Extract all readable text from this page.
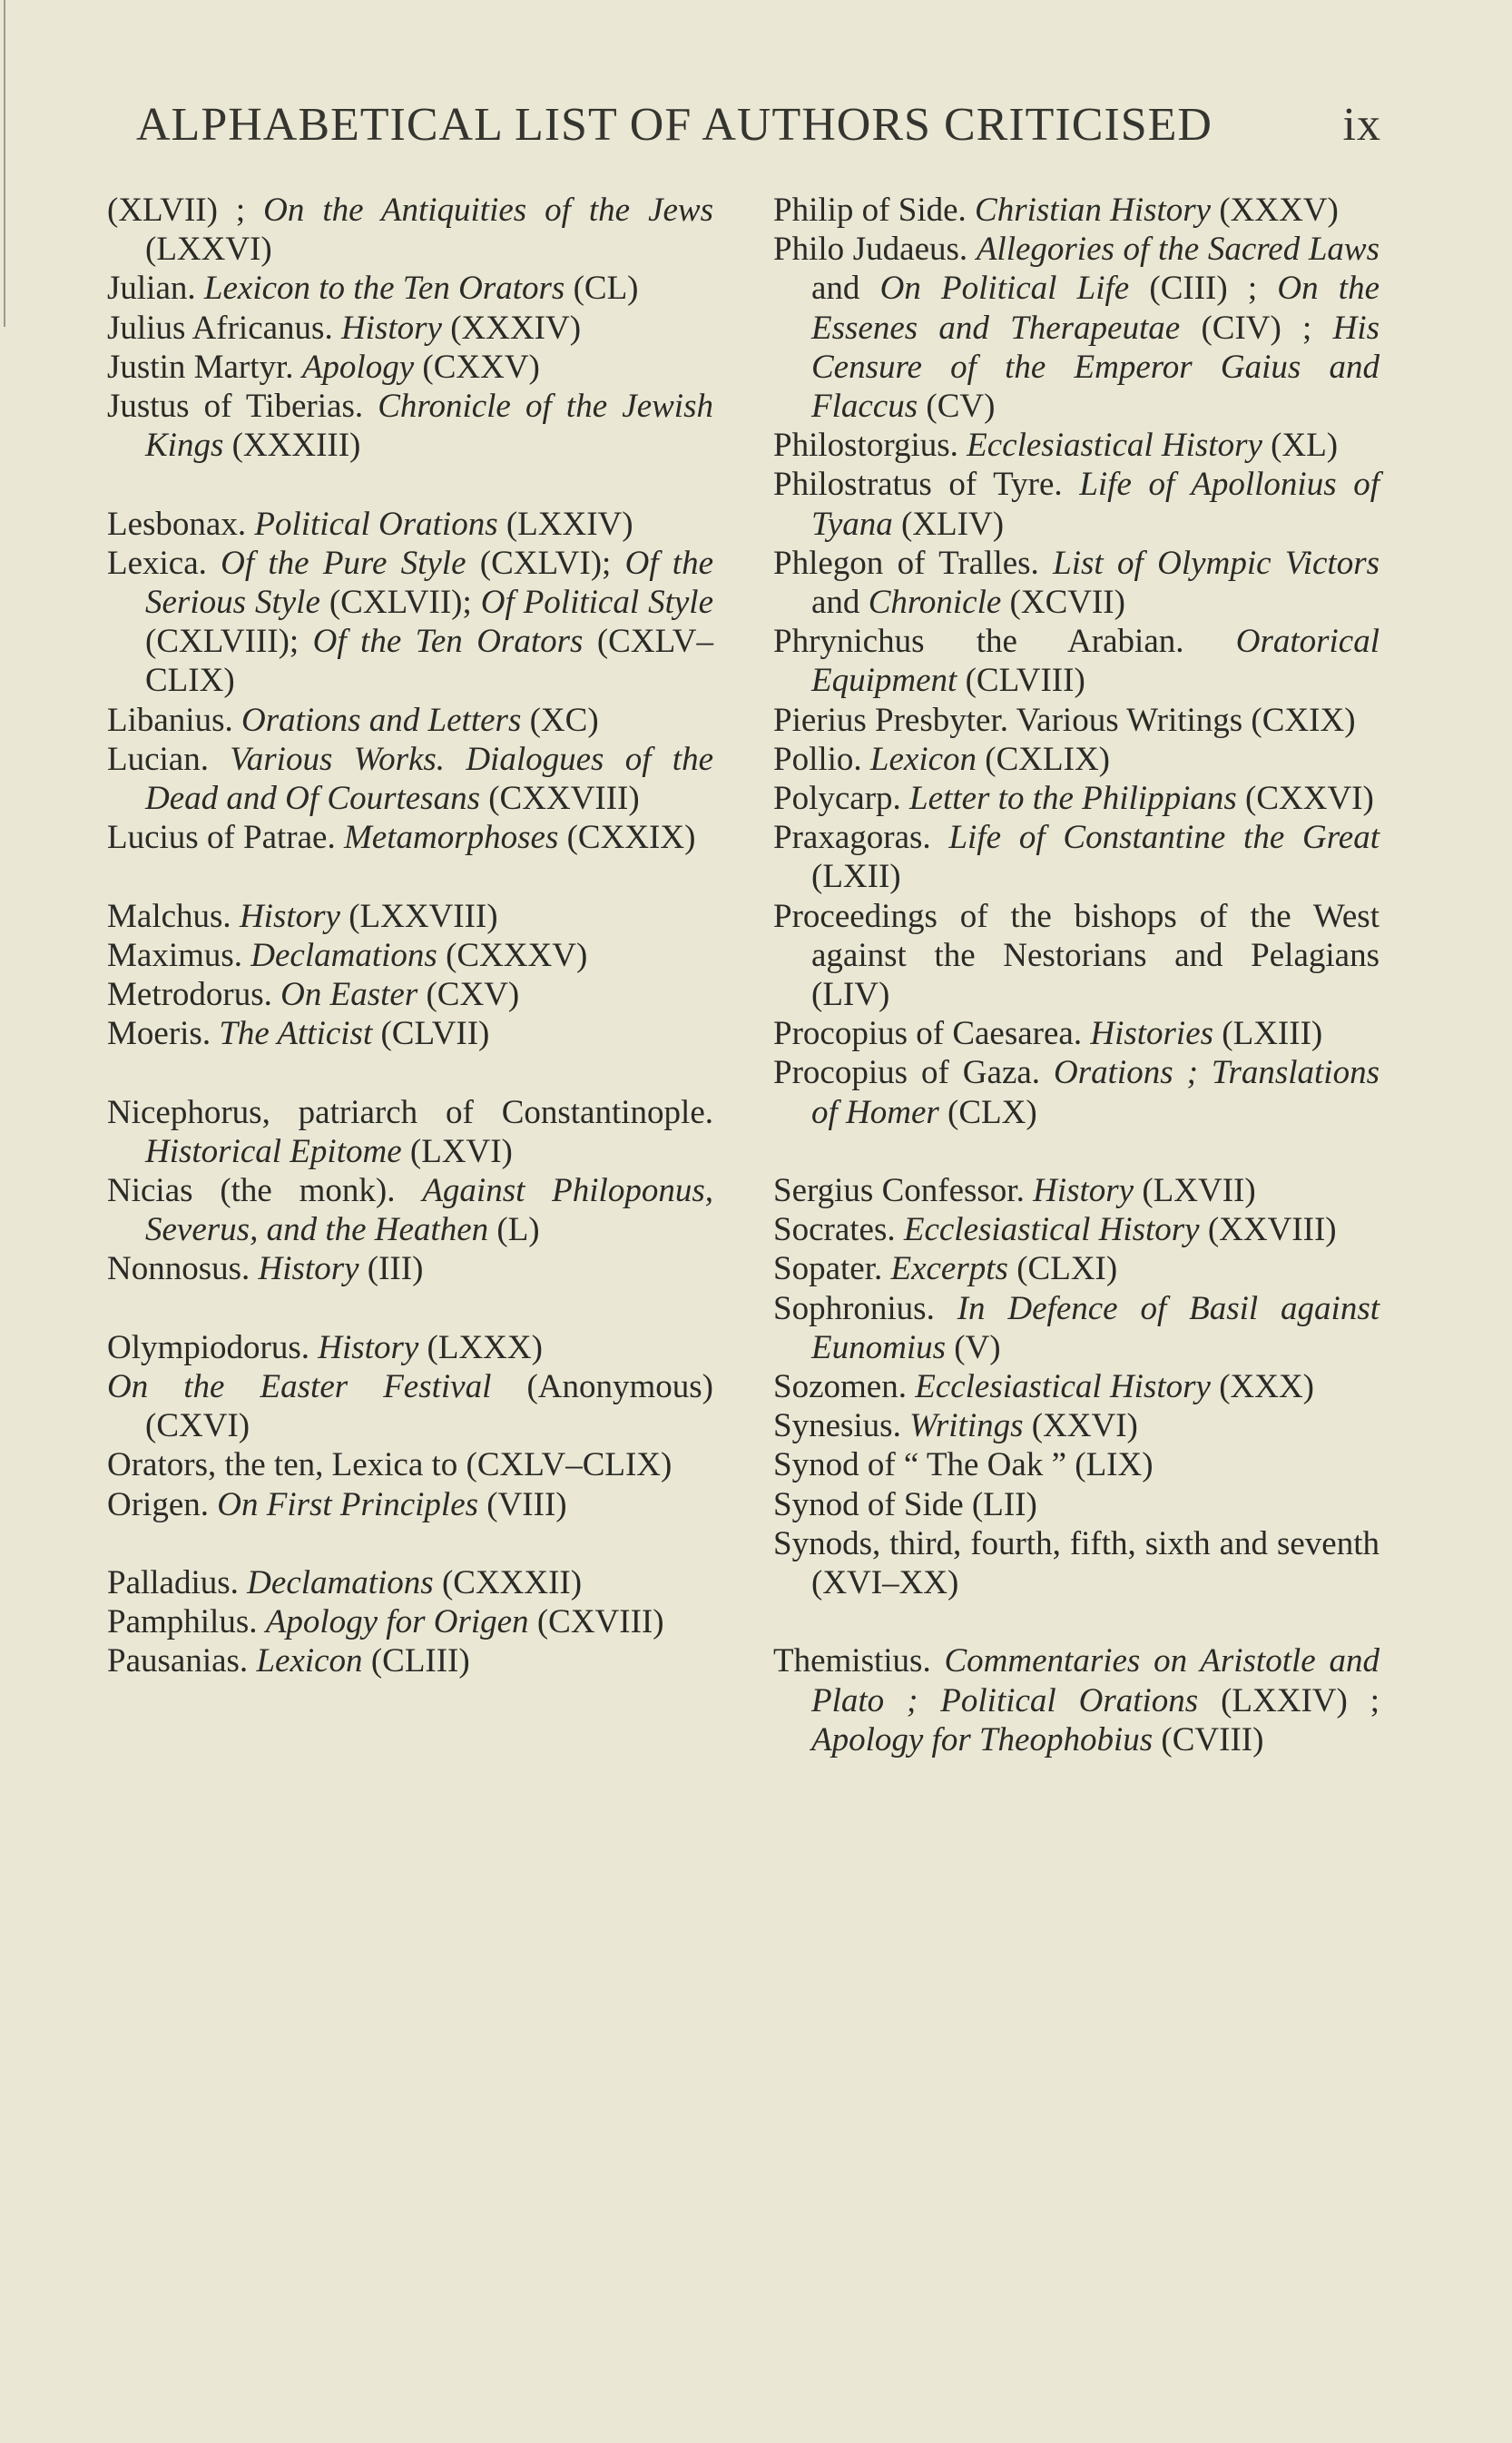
ALPHABETICAL LIST OF AUTHORS CRITICISED	ix
(XLVII) ; On the Antiquities of the Jews (LXXVI)
Julian. Lexicon to the Ten Orators (CL)
Julius Africanus. History (XXXIV)
Justin Martyr. Apology (CXXV)
Justus of Tiberias. Chronicle of the Jewish Kings (XXXIII)
Lesbonax. Political Orations (LXXIV)
Lexica. Of the Pure Style (CXLVI); Of the Serious Style (CXLVII); Of Political Style (CXLVIII); Of the Ten Orators (CXLV–CLIX)
Libanius. Orations and Letters (XC)
Lucian. Various Works. Dialogues of the Dead and Of Courtesans (CXXVIII)
Lucius of Patrae. Metamorphoses (CXXIX)
Malchus. History (LXXVIII)
Maximus. Declamations (CXXXV)
Metrodorus. On Easter (CXV)
Moeris. The Atticist (CLVII)
Nicephorus, patriarch of Constantinople. Historical Epitome (LXVI)
Nicias (the monk). Against Philoponus, Severus, and the Heathen (L)
Nonnosus. History (III)
Olympiodorus. History (LXXX)
On the Easter Festival (Anonymous) (CXVI)
Orators, the ten, Lexica to (CXLV–CLIX)
Origen. On First Principles (VIII)
Palladius. Declamations (CXXXII)
Pamphilus. Apology for Origen (CXVIII)
Pausanias. Lexicon (CLIII)
Philip of Side. Christian History (XXXV)
Philo Judaeus. Allegories of the Sacred Laws and On Political Life (CIII) ; On the Essenes and Therapeutae (CIV) ; His Censure of the Emperor Gaius and Flaccus (CV)
Philostorgius. Ecclesiastical History (XL)
Philostratus of Tyre. Life of Apollonius of Tyana (XLIV)
Phlegon of Tralles. List of Olympic Victors and Chronicle (XCVII)
Phrynichus the Arabian. Oratorical Equipment (CLVIII)
Pierius Presbyter. Various Writings (CXIX)
Pollio. Lexicon (CXLIX)
Polycarp. Letter to the Philippians (CXXVI)
Praxagoras. Life of Constantine the Great (LXII)
Proceedings of the bishops of the West against the Nestorians and Pelagians (LIV)
Procopius of Caesarea. Histories (LXIII)
Procopius of Gaza. Orations ; Translations of Homer (CLX)
Sergius Confessor. History (LXVII)
Socrates. Ecclesiastical History (XXVIII)
Sopater. Excerpts (CLXI)
Sophronius. In Defence of Basil against Eunomius (V)
Sozomen. Ecclesiastical History (XXX)
Synesius. Writings (XXVI)
Synod of “ The Oak ” (LIX)
Synod of Side (LII)
Synods, third, fourth, fifth, sixth and seventh (XVI–XX)
Themistius. Commentaries on Aristotle and Plato ; Political Orations (LXXIV) ; Apology for Theophobius (CVIII)
